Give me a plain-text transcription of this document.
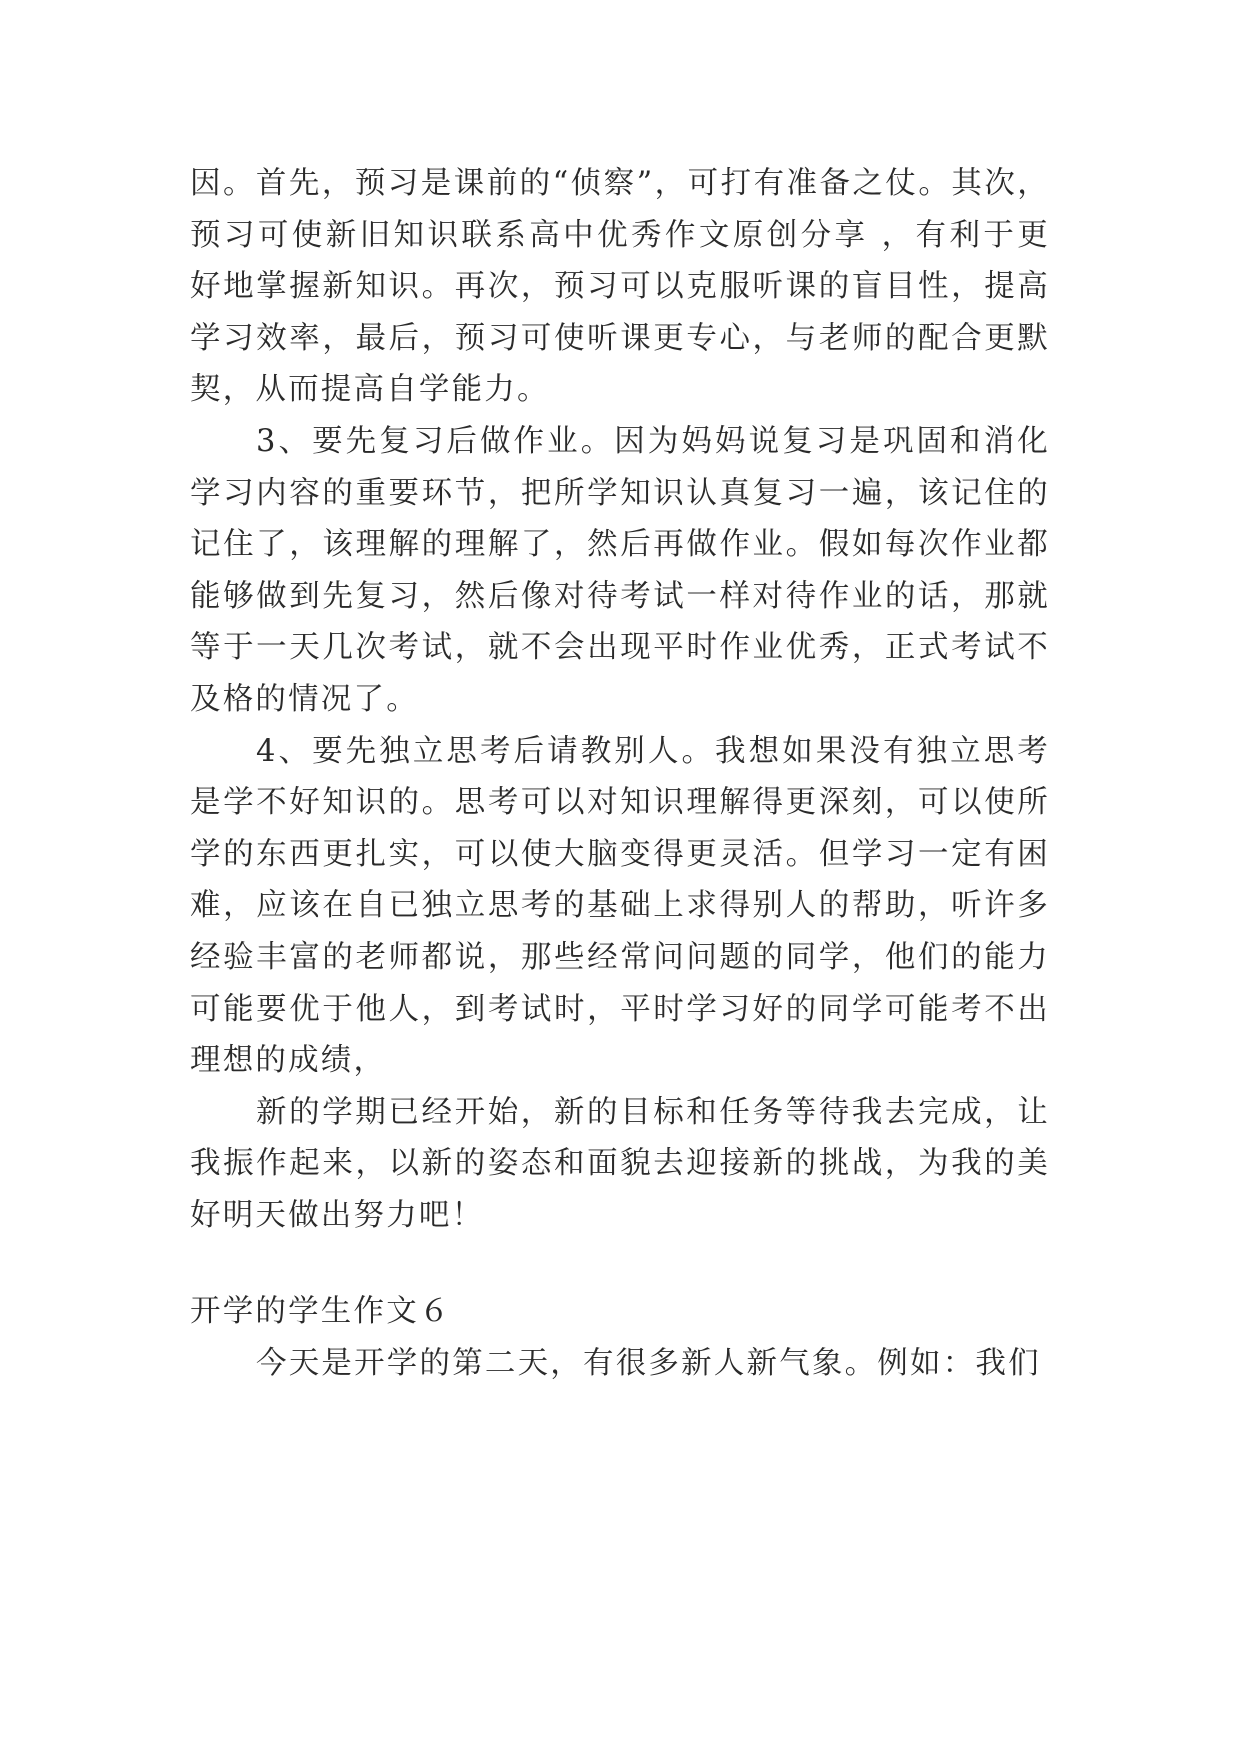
因。首先，预习是课前的“侦察”，可打有准备之仗。其次，预习可使新旧知识联系高中优秀作文原创分享 ，有利于更好地掌握新知识。再次，预习可以克服听课的盲目性，提高学习效率，最后，预习可使听课更专心，与老师的配合更默契，从而提高自学能力。

3、要先复习后做作业。因为妈妈说复习是巩固和消化学习内容的重要环节，把所学知识认真复习一遍，该记住的记住了，该理解的理解了，然后再做作业。假如每次作业都能够做到先复习，然后像对待考试一样对待作业的话，那就等于一天几次考试，就不会出现平时作业优秀，正式考试不及格的情况了。

4、要先独立思考后请教别人。我想如果没有独立思考是学不好知识的。思考可以对知识理解得更深刻，可以使所学的东西更扎实，可以使大脑变得更灵活。但学习一定有困难，应该在自已独立思考的基础上求得别人的帮助，听许多经验丰富的老师都说，那些经常问问题的同学，他们的能力可能要优于他人，到考试时，平时学习好的同学可能考不出理想的成绩，

新的学期已经开始，新的目标和任务等待我去完成，让我振作起来，以新的姿态和面貌去迎接新的挑战，为我的美好明天做出努力吧！

开学的学生作文６

今天是开学的第二天，有很多新人新气象。例如：我们
